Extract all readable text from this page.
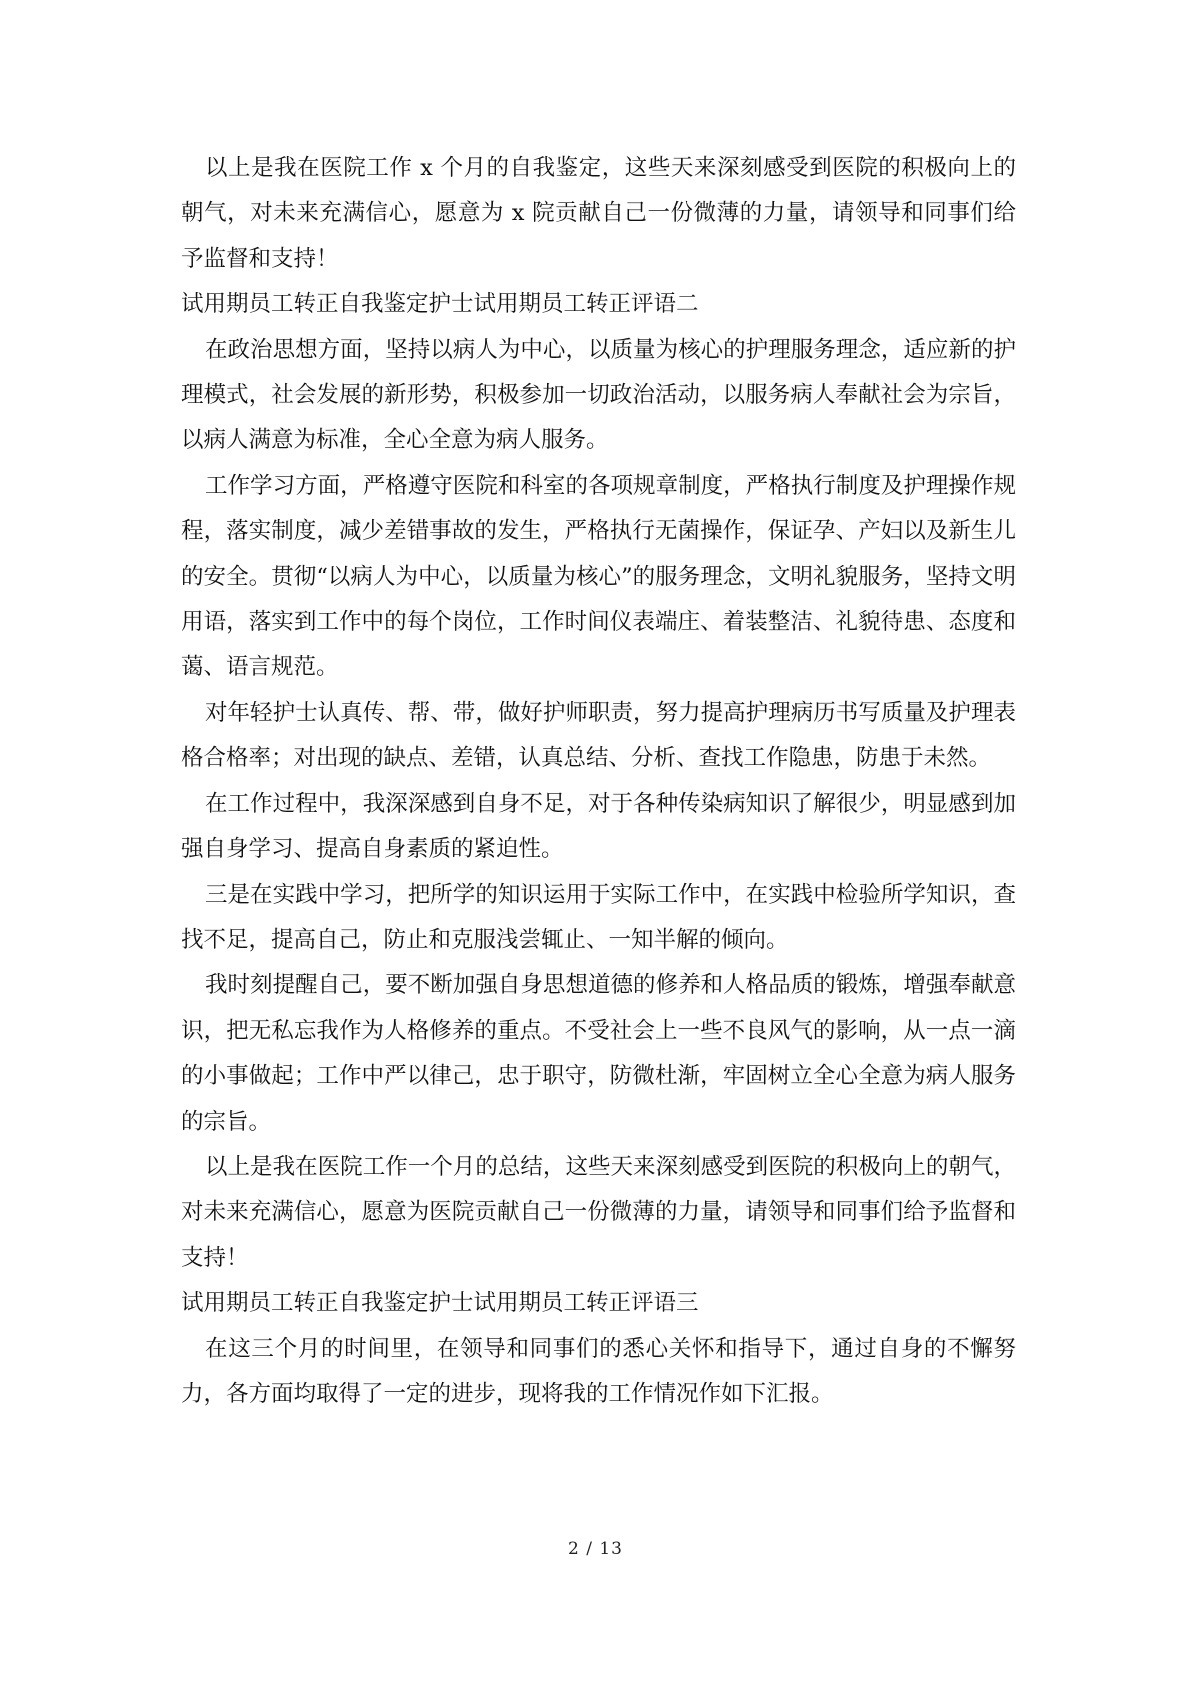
以上是我在医院工作 x 个月的自我鉴定，这些天来深刻感受到医院的积极向上的朝气，对未来充满信心，愿意为 x 院贡献自己一份微薄的力量，请领导和同事们给予监督和支持！

试用期员工转正自我鉴定护士试用期员工转正评语二

在政治思想方面，坚持以病人为中心，以质量为核心的护理服务理念，适应新的护理模式，社会发展的新形势，积极参加一切政治活动，以服务病人奉献社会为宗旨，以病人满意为标准，全心全意为病人服务。

工作学习方面，严格遵守医院和科室的各项规章制度，严格执行制度及护理操作规程，落实制度，减少差错事故的发生，严格执行无菌操作，保证孕、产妇以及新生儿的安全。贯彻“以病人为中心，以质量为核心”的服务理念，文明礼貌服务，坚持文明用语，落实到工作中的每个岗位，工作时间仪表端庄、着装整洁、礼貌待患、态度和蔼、语言规范。

对年轻护士认真传、帮、带，做好护师职责，努力提高护理病历书写质量及护理表格合格率；对出现的缺点、差错，认真总结、分析、查找工作隐患，防患于未然。

在工作过程中，我深深感到自身不足，对于各种传染病知识了解很少，明显感到加强自身学习、提高自身素质的紧迫性。

三是在实践中学习，把所学的知识运用于实际工作中，在实践中检验所学知识，查找不足，提高自己，防止和克服浅尝辄止、一知半解的倾向。

我时刻提醒自己，要不断加强自身思想道德的修养和人格品质的锻炼，增强奉献意识，把无私忘我作为人格修养的重点。不受社会上一些不良风气的影响，从一点一滴的小事做起；工作中严以律己，忠于职守，防微杜渐，牢固树立全心全意为病人服务的宗旨。

以上是我在医院工作一个月的总结，这些天来深刻感受到医院的积极向上的朝气，对未来充满信心，愿意为医院贡献自己一份微薄的力量，请领导和同事们给予监督和支持！

试用期员工转正自我鉴定护士试用期员工转正评语三

在这三个月的时间里，在领导和同事们的悉心关怀和指导下，通过自身的不懈努力，各方面均取得了一定的进步，现将我的工作情况作如下汇报。

2 / 13
